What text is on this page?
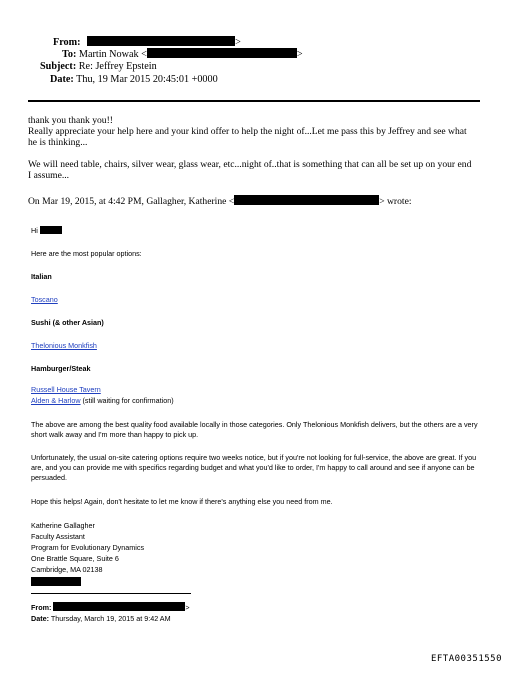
From:	>
To: Martin Nowak <	>
Subject: Re: Jeffrey Epstein
Date: Thu, 19 Mar 2015 20:45:01 +0000
thank you thank you!!
Really appreciate your help here and your kind offer to help the night of...Let me pass this by Jeffrey and see what he is thinking...
We will need table, chairs, silver wear, glass wear, etc...night of..that is something that can all be set up on your end I assume...
On Mar 19, 2015, at 4:42 PM, Gallagher, Katherine <	> wrote:
Hi
Here are the most popular options:
Italian
Toscano
Sushi (& other Asian)
Thelonious Monkfish
Hamburger/Steak
Russell House Tavern
Alden & Harlow (still waiting for confirmation)
The above are among the best quality food available locally in those categories. Only Thelonious Monkfish delivers, but the others are a very short walk away and I'm more than happy to pick up.
Unfortunately, the usual on-site catering options require two weeks notice, but if you're not looking for full-service, the above are great. If you are, and you can provide me with specifics regarding budget and what you'd like to order, I'm happy to call around and see if anyone can be persuaded.
Hope this helps! Again, don't hesitate to let me know if there's anything else you need from me.
Katherine Gallagher
Faculty Assistant
Program for Evolutionary Dynamics
One Brattle Square, Suite 6
Cambridge, MA 02138
From:	>
Date: Thursday, March 19, 2015 at 9:42 AM
EFTA00351550
